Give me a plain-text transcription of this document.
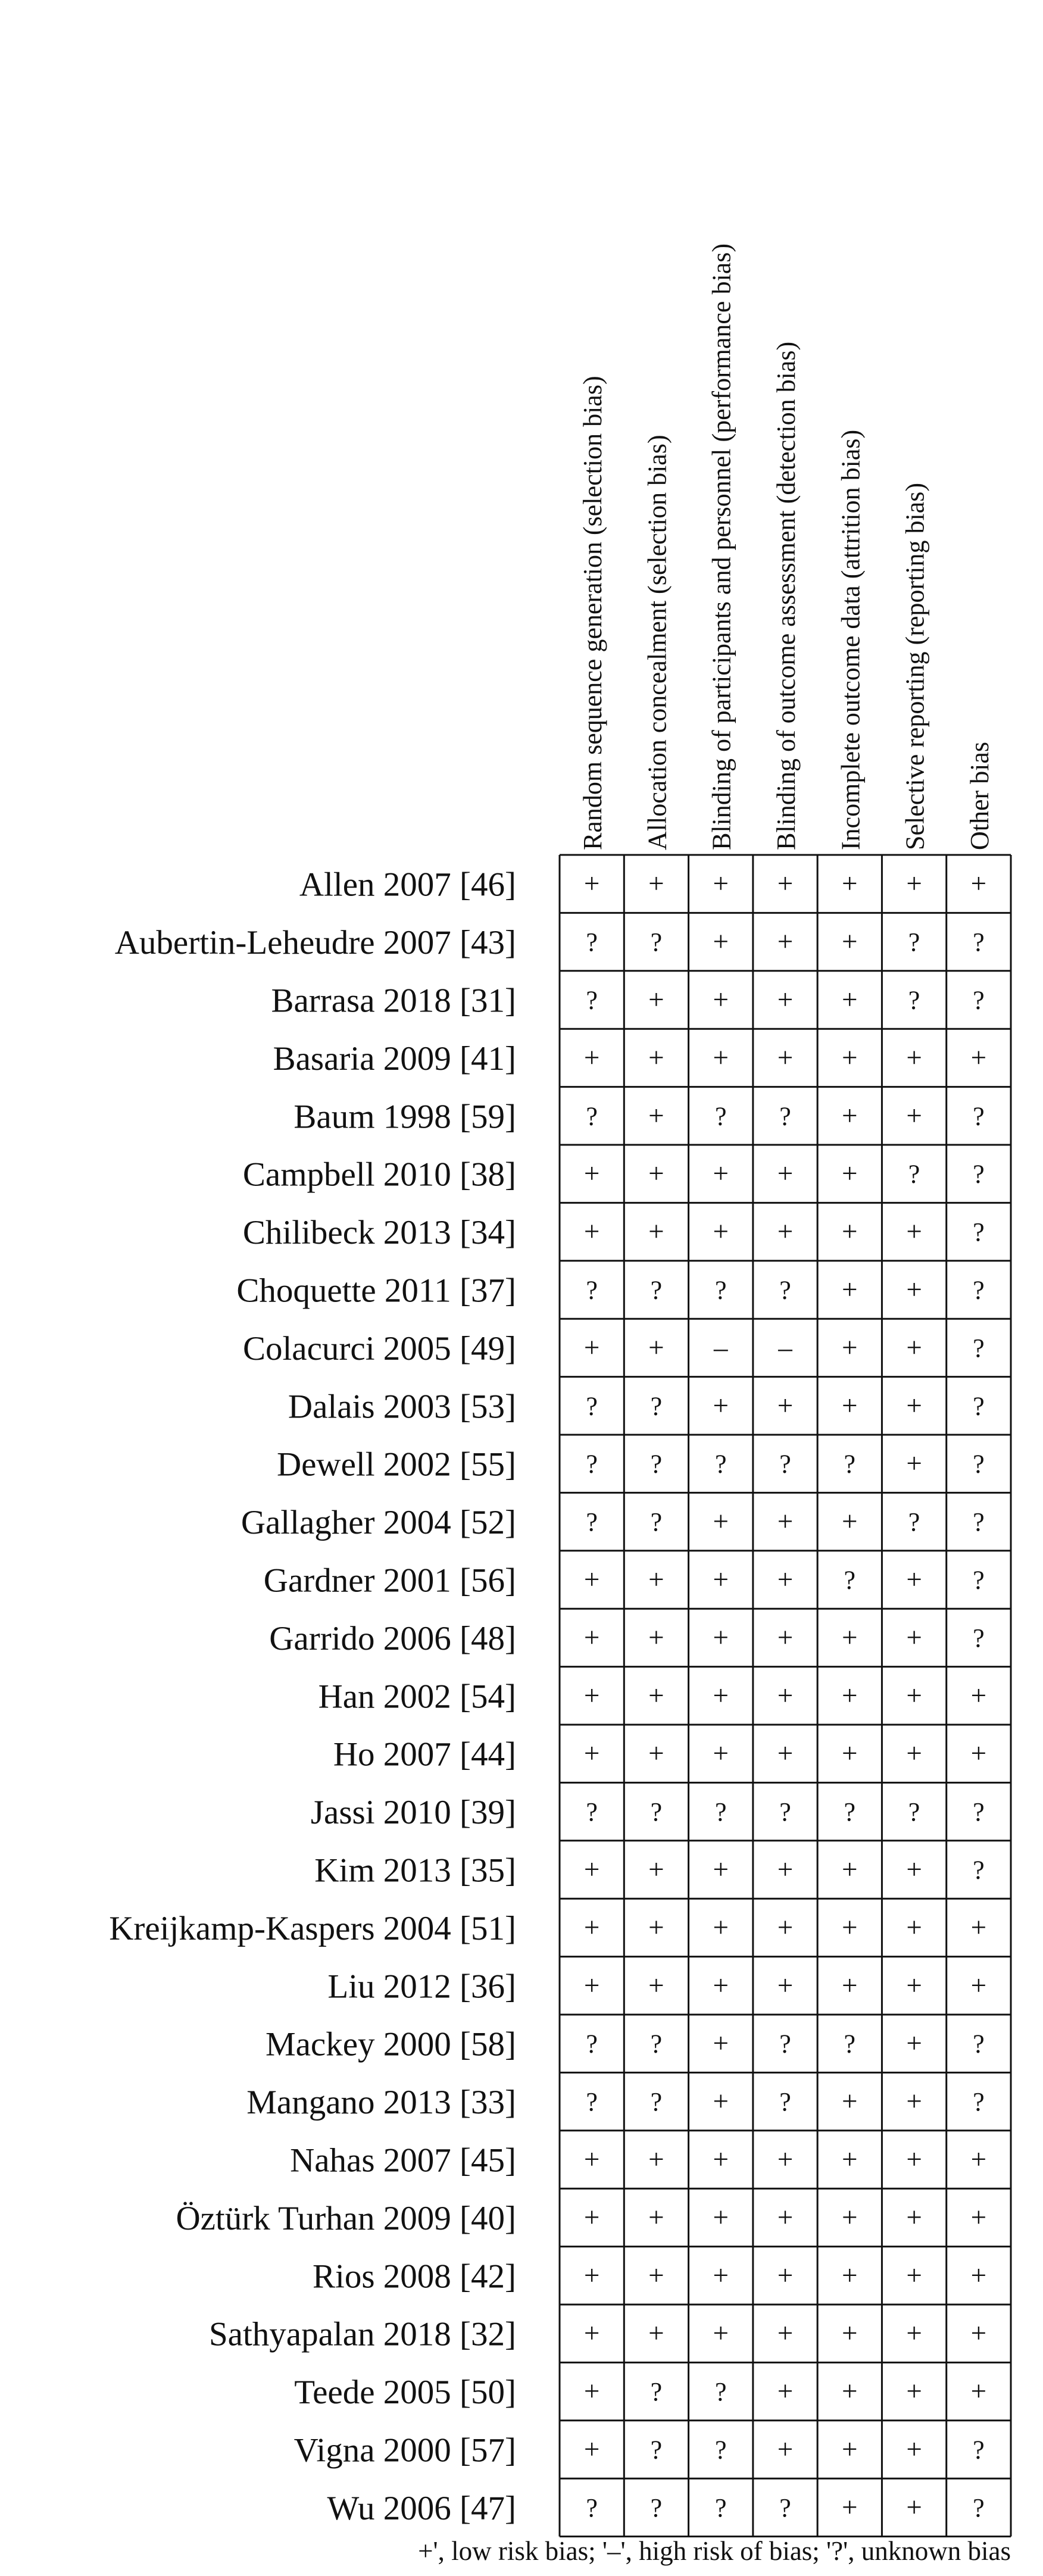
Random sequence generation (selection bias) Allocation concealment (selection bias) Blinding of participants and personnel (performance bias) Blinding of outcome assessment (detection bias) Incomplete outcome data (attrition bias) Selective reporting (reporting bias) Other bias
Allen 2007 [46]
Aubertin-Leheudre 2007 [43]
Barrasa 2018 [31]
Basaria 2009 [41]
Baum 1998 [59]
Campbell 2010 [38]
Chilibeck 2013 [34]
Choquette 2011 [37]
Colacurci 2005 [49]
Dalais 2003 [53]
Dewell 2002 [55]
Gallagher 2004 [52]
Gardner 2001 [56]
Garrido 2006 [48]
Han 2002 [54]
Ho 2007 [44]
Jassi 2010 [39]
Kim 2013 [35]
Kreijkamp-Kaspers 2004 [51]
Liu 2012 [36]
Mackey 2000 [58]
Mangano 2013 [33]
Nahas 2007 [45]
Öztürk Turhan 2009 [40]
Rios 2008 [42]
Sathyapalan 2018 [32]
Teede 2005 [50]
Vigna 2000 [57]
Wu 2006 [47]
+ + + + + + +
? ? + + + ? ?
? + + + + ? ?
+ + + + + + +
? + ? ? + + ?
+ + + + + ? ?
+ + + + + + ?
? ? ? ? + + ?
+ + – – + + ?
? ? + + + + ?
? ? ? ? ? + ?
? ? + + + ? ?
+ + + + ? + ?
+ + + + + + ?
+ + + + + + +
+ + + + + + +
? ? ? ? ? ? ?
+ + + + + + ?
+ + + + + + +
+ + + + + + +
? ? + ? ? + ?
? ? + ? + + ?
+ + + + + + +
+ + + + + + +
+ + + + + + +
+ + + + + + +
+ ? ? + + + +
+ ? ? + + + ?
? ? ? ? + + ?
+', low risk bias; '–', high risk of bias; '?', unknown bias
